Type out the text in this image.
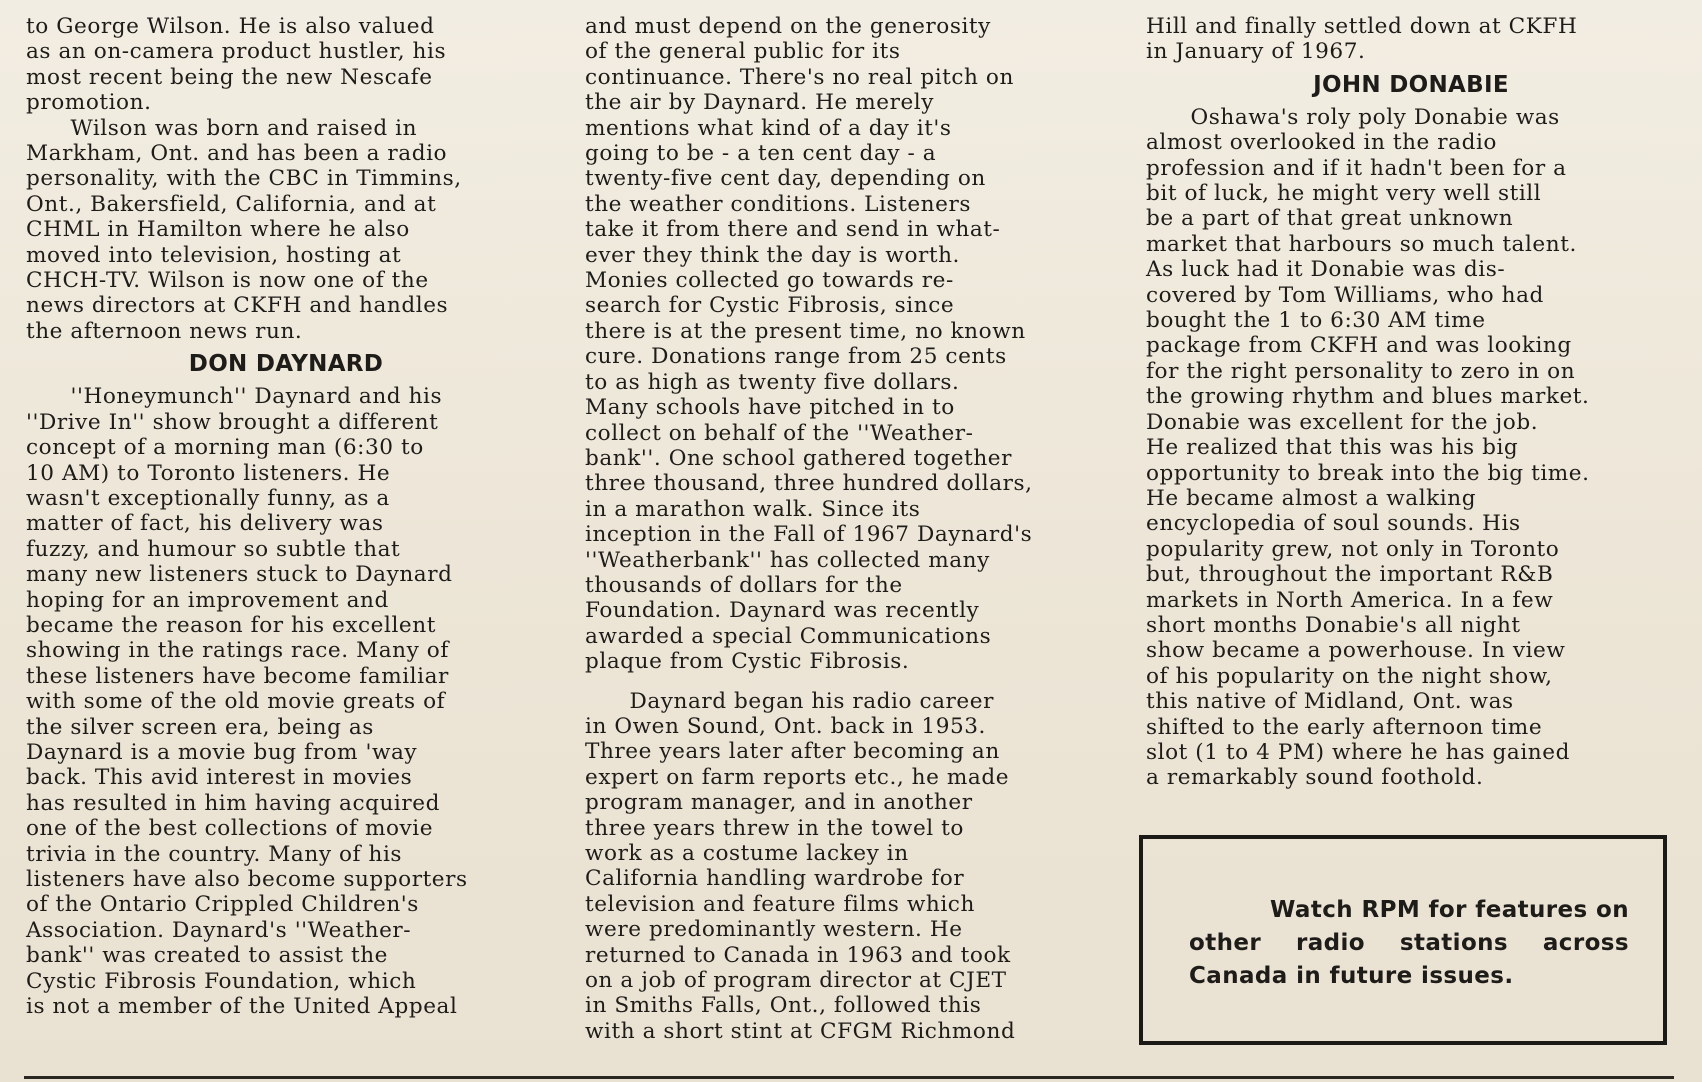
to George Wilson. He is also valued
as an on-camera product hustler, his
most recent being the new Nescafe
promotion.
Wilson was born and raised in
Markham, Ont. and has been a radio
personality, with the CBC in Timmins,
Ont., Bakersfield, California, and at
CHML in Hamilton where he also
moved into television, hosting at
CHCH-TV. Wilson is now one of the
news directors at CKFH and handles
the afternoon news run.
DON DAYNARD
''Honeymunch'' Daynard and his
''Drive In'' show brought a different
concept of a morning man (6:30 to
10 AM) to Toronto listeners. He
wasn't exceptionally funny, as a
matter of fact, his delivery was
fuzzy, and humour so subtle that
many new listeners stuck to Daynard
hoping for an improvement and
became the reason for his excellent
showing in the ratings race. Many of
these listeners have become familiar
with some of the old movie greats of
the silver screen era, being as
Daynard is a movie bug from 'way
back. This avid interest in movies
has resulted in him having acquired
one of the best collections of movie
trivia in the country. Many of his
listeners have also become supporters
of the Ontario Crippled Children's
Association. Daynard's ''Weather-
bank'' was created to assist the
Cystic Fibrosis Foundation, which
is not a member of the United Appeal
and must depend on the generosity
of the general public for its
continuance. There's no real pitch on
the air by Daynard. He merely
mentions what kind of a day it's
going to be - a ten cent day - a
twenty-five cent day, depending on
the weather conditions. Listeners
take it from there and send in what-
ever they think the day is worth.
Monies collected go towards re-
search for Cystic Fibrosis, since
there is at the present time, no known
cure. Donations range from 25 cents
to as high as twenty five dollars.
Many schools have pitched in to
collect on behalf of the ''Weather-
bank''. One school gathered together
three thousand, three hundred dollars,
in a marathon walk. Since its
inception in the Fall of 1967 Daynard's
''Weatherbank'' has collected many
thousands of dollars for the
Foundation. Daynard was recently
awarded a special Communications
plaque from Cystic Fibrosis.
Daynard began his radio career
in Owen Sound, Ont. back in 1953.
Three years later after becoming an
expert on farm reports etc., he made
program manager, and in another
three years threw in the towel to
work as a costume lackey in
California handling wardrobe for
television and feature films which
were predominantly western. He
returned to Canada in 1963 and took
on a job of program director at CJET
in Smiths Falls, Ont., followed this
with a short stint at CFGM Richmond
Hill and finally settled down at CKFH
in January of 1967.
JOHN DONABIE
Oshawa's roly poly Donabie was
almost overlooked in the radio
profession and if it hadn't been for a
bit of luck, he might very well still
be a part of that great unknown
market that harbours so much talent.
As luck had it Donabie was dis-
covered by Tom Williams, who had
bought the 1 to 6:30 AM time
package from CKFH and was looking
for the right personality to zero in on
the growing rhythm and blues market.
Donabie was excellent for the job.
He realized that this was his big
opportunity to break into the big time.
He became almost a walking
encyclopedia of soul sounds. His
popularity grew, not only in Toronto
but, throughout the important R&B
markets in North America. In a few
short months Donabie's all night
show became a powerhouse. In view
of his popularity on the night show,
this native of Midland, Ont. was
shifted to the early afternoon time
slot (1 to 4 PM) where he has gained
a remarkably sound foothold.
Watch RPM for features on
other radio stations across
Canada in future issues.
